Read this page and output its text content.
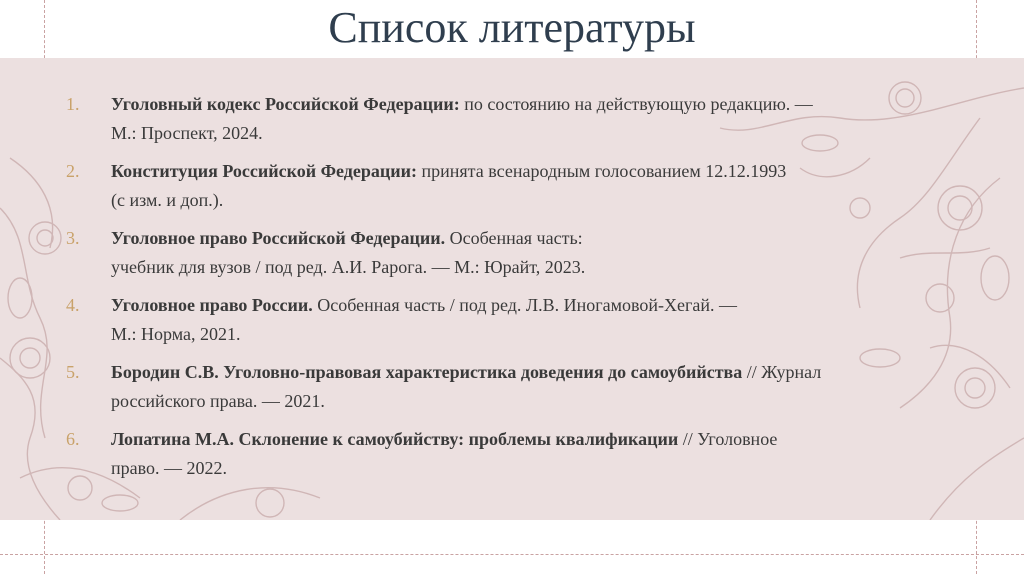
Список литературы
1. Уголовный кодекс Российской Федерации: по состоянию на действующую редакцию. —
М.: Проспект, 2024.
2. Конституция Российской Федерации: принята всенародным голосованием 12.12.1993
(с изм. и доп.).
3. Уголовное право Российской Федерации. Особенная часть:
учебник для вузов / под ред. А.И. Рарога. — М.: Юрайт, 2023.
4. Уголовное право России. Особенная часть / под ред. Л.В. Иногамовой-Хегай. —
М.: Норма, 2021.
5. Бородин С.В. Уголовно-правовая характеристика доведения до самоубийства // Журнал
российского права. — 2021.
6. Лопатина М.А. Склонение к самоубийству: проблемы квалификации // Уголовное
право. — 2022.
